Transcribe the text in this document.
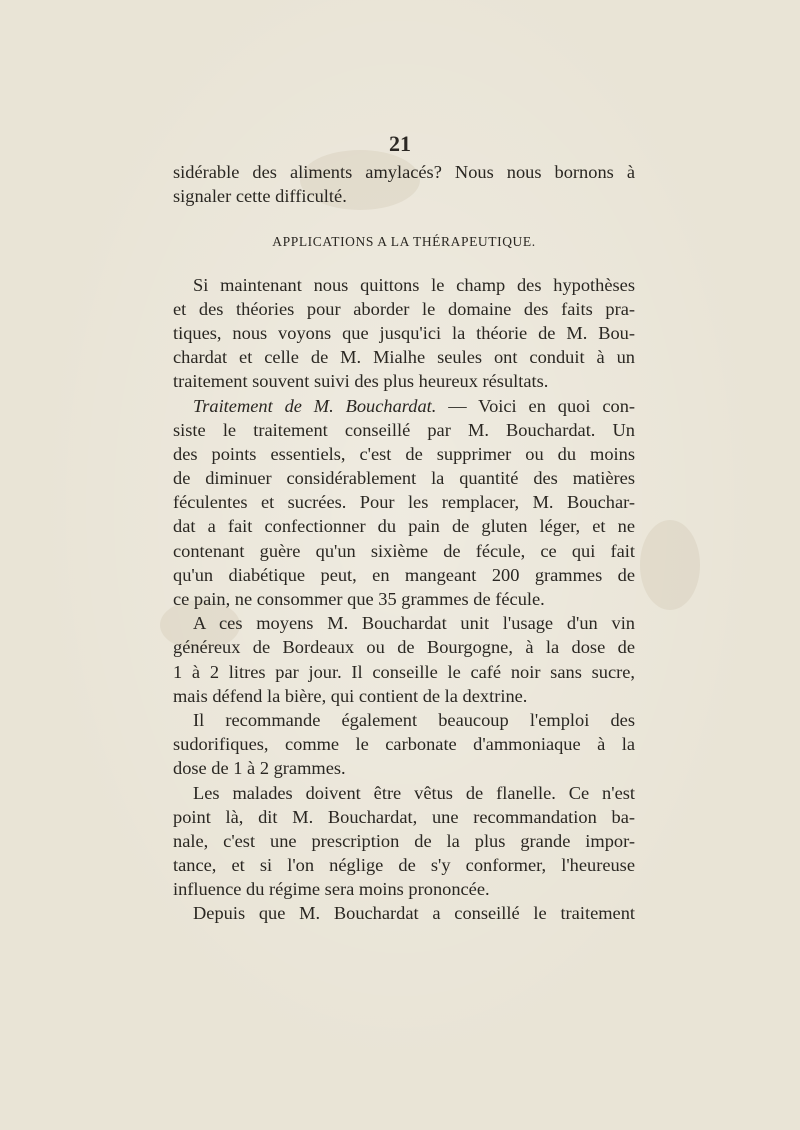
21
sidérable des aliments amylacés? Nous nous bornons à
signaler cette difficulté.
APPLICATIONS A LA THÉRAPEUTIQUE.
Si maintenant nous quittons le champ des hypothèses
et des théories pour aborder le domaine des faits pra-
tiques, nous voyons que jusqu'ici la théorie de M. Bou-
chardat et celle de M. Mialhe seules ont conduit à un
traitement souvent suivi des plus heureux résultats.
Traitement de M. Bouchardat. — Voici en quoi con-
siste le traitement conseillé par M. Bouchardat. Un
des points essentiels, c'est de supprimer ou du moins
de diminuer considérablement la quantité des matières
féculentes et sucrées. Pour les remplacer, M. Bouchar-
dat a fait confectionner du pain de gluten léger, et ne
contenant guère qu'un sixième de fécule, ce qui fait
qu'un diabétique peut, en mangeant 200 grammes de
ce pain, ne consommer que 35 grammes de fécule.
A ces moyens M. Bouchardat unit l'usage d'un vin
généreux de Bordeaux ou de Bourgogne, à la dose de
1 à 2 litres par jour. Il conseille le café noir sans sucre,
mais défend la bière, qui contient de la dextrine.
Il recommande également beaucoup l'emploi des
sudorifiques, comme le carbonate d'ammoniaque à la
dose de 1 à 2 grammes.
Les malades doivent être vêtus de flanelle. Ce n'est
point là, dit M. Bouchardat, une recommandation ba-
nale, c'est une prescription de la plus grande impor-
tance, et si l'on néglige de s'y conformer, l'heureuse
influence du régime sera moins prononcée.
Depuis que M. Bouchardat a conseillé le traitement
